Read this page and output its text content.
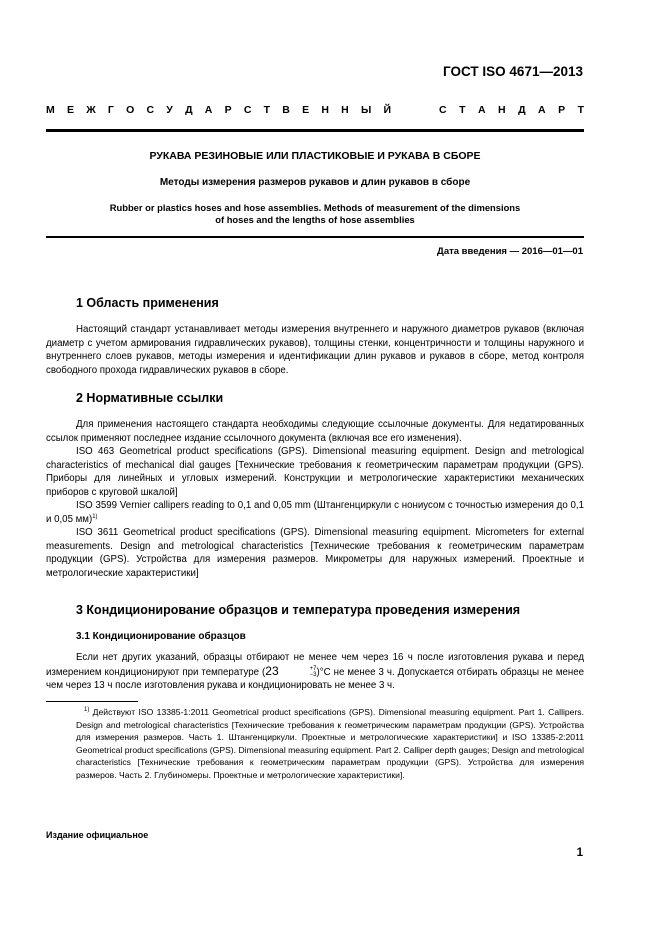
ГОСТ ISO 4671—2013
М Е Ж Г О С У Д А Р С Т В Е Н Н Ы Й	С Т А Н Д А Р Т
РУКАВА РЕЗИНОВЫЕ ИЛИ ПЛАСТИКОВЫЕ И РУКАВА В СБОРЕ
Методы измерения размеров рукавов и длин рукавов в сборе
Rubber or plastics hoses and hose assemblies. Methods of measurement of the dimensions
of hoses and the lengths of hose assemblies
Дата введения — 2016—01—01
1 Область применения

Настоящий стандарт устанавливает методы измерения внутреннего и наружного диаметров рукавов (включая диаметр с учетом армирования гидравлических рукавов), толщины стенки, концентричности и толщины наружного и внутреннего слоев рукавов, методы измерения и идентификации длин рукавов и рукавов в сборе, метод контроля свободного прохода гидравлических рукавов в сборе.

2 Нормативные ссылки

Для применения настоящего стандарта необходимы следующие ссылочные документы. Для недатированных ссылок применяют последнее издание ссылочного документа (включая все его изменения).

ISO 463 Geometrical product specifications (GPS). Dimensional measuring equipment. Design and metrological characteristics of mechanical dial gauges [Технические требования к геометрическим параметрам продукции (GPS). Приборы для линейных и угловых измерений. Конструкции и метрологические характеристики механических приборов с круговой шкалой]

ISO 3599 Vernier callipers reading to 0,1 and 0,05 mm (Штангенциркули с нониусом с точностью измерения до 0,1 и 0,05 мм)$^{1)}$

ISO 3611 Geometrical product specifications (GPS). Dimensional measuring equipment. Micrometers for external measurements. Design and metrological characteristics [Технические требования к геометрическим параметрам продукции (GPS). Устройства для измерения размеров. Микрометры для наружных измерений. Проектные и метрологические характеристики]

3 Кондиционирование образцов и температура проведения измерения
3.1 Кондиционирование образцов

Если нет других указаний, образцы отбирают не менее чем через 16 ч после изготовления рукава и перед измерением кондиционируют при температуре (23	+7
−3 )°С не менее 3 ч. Допускается отбирать образцы не менее чем через 13 ч после изготовления рукава и кондиционировать не менее 3 ч.

$^{1)}$ Действуют ISO 13385-1:2011 Geometrical product specifications (GPS). Dimensional measuring equipment. Part 1. Callipers. Design and metrological characteristics [Технические требования к геометрическим параметрам продукции (GPS). Устройства для измерения размеров. Часть 1. Штангенциркули. Проектные и метрологические характеристики] и ISO 13385-2:2011 Geometrical product specifications (GPS). Dimensional measuring equipment. Part 2. Calliper depth gauges; Design and metrological characteristics [Технические требования к геометрическим параметрам продукции (GPS). Устройства для измерения размеров. Часть 2. Глубиномеры. Проектные и метрологические характеристики].

Издание официальное
1
